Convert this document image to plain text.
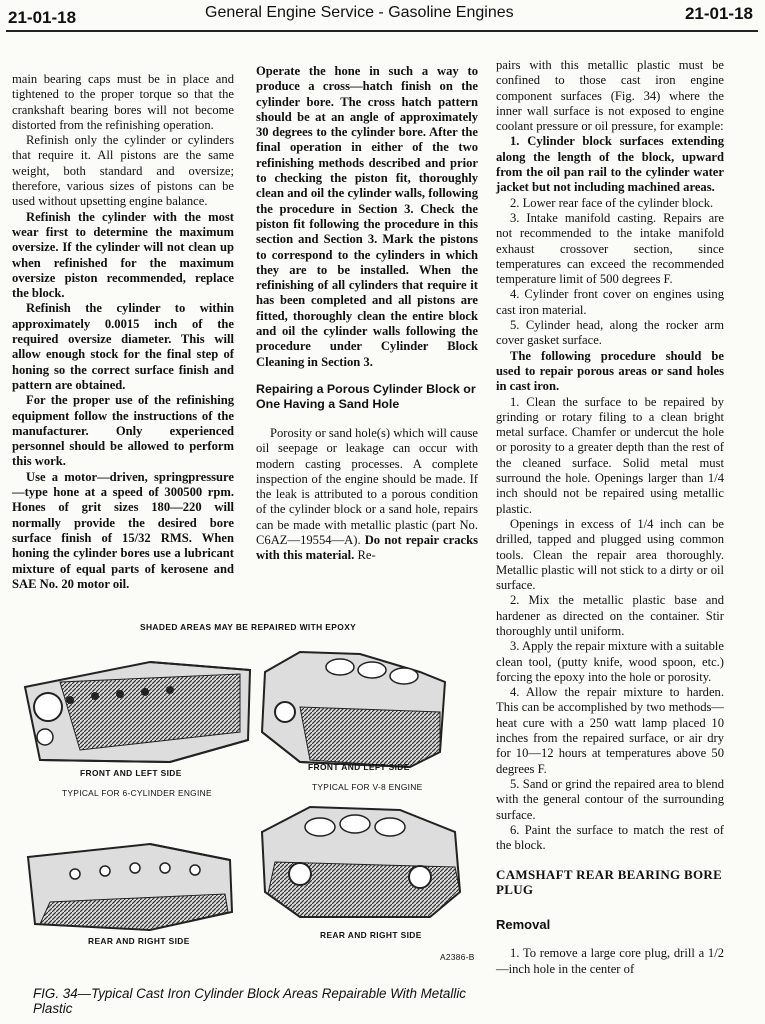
21-01-18	General Engine Service - Gasoline Engines	21-01-18

main bearing caps must be in place and tightened to the proper torque so that the crankshaft bearing bores will not become distorted from the refinishing operation.

Refinish only the cylinder or cylinders that require it. All pistons are the same weight, both standard and oversize; therefore, various sizes of pistons can be used without upsetting engine balance.

Refinish the cylinder with the most wear first to determine the maximum oversize. If the cylinder will not clean up when refinished for the maximum oversize piston recommended, replace the block.

Refinish the cylinder to within approximately 0.0015 inch of the required oversize diameter. This will allow enough stock for the final step of honing so the correct surface finish and pattern are obtained.

For the proper use of the refinishing equipment follow the instructions of the manufacturer. Only experienced personnel should be allowed to perform this work.

Use a motor—driven, springpressure—type hone at a speed of 300500 rpm. Hones of grit sizes 180—220 will normally provide the desired bore surface finish of 15/32 RMS. When honing the cylinder bores use a lubricant mixture of equal parts of kerosene and SAE No. 20 motor oil.

Operate the hone in such a way to produce a cross—hatch finish on the cylinder bore. The cross hatch pattern should be at an angle of approximately 30 degrees to the cylinder bore. After the final operation in either of the two refinishing methods described and prior to checking the piston fit, thoroughly clean and oil the cylinder walls, following the procedure in Section 3. Check the piston fit following the procedure in this section and Section 3. Mark the pistons to correspond to the cylinders in which they are to be installed. When the refinishing of all cylinders that require it has been completed and all pistons are fitted, thoroughly clean the entire block and oil the cylinder walls following the procedure under Cylinder Block Cleaning in Section 3.

Repairing a Porous Cylinder Block or One Having a Sand Hole

Porosity or sand hole(s) which will cause oil seepage or leakage can occur with modern casting processes. A complete inspection of the engine should be made. If the leak is attributed to a porous condition of the cylinder block or a sand hole, repairs can be made with metallic plastic (part No. C6AZ—19554—A). Do not repair cracks with this material. Re-

pairs with this metallic plastic must be confined to those cast iron engine component surfaces (Fig. 34) where the inner wall surface is not exposed to engine coolant pressure or oil pressure, for example:

1. Cylinder block surfaces extending along the length of the block, upward from the oil pan rail to the cylinder water jacket but not including machined areas.

2. Lower rear face of the cylinder block.

3. Intake manifold casting. Repairs are not recommended to the intake manifold exhaust crossover section, since temperatures can exceed the recommended temperature limit of 500 degrees F.

4. Cylinder front cover on engines using cast iron material.

5. Cylinder head, along the rocker arm cover gasket surface.

The following procedure should be used to repair porous areas or sand holes in cast iron.

1. Clean the surface to be repaired by grinding or rotary filing to a clean bright metal surface. Chamfer or undercut the hole or porosity to a greater depth than the rest of the cleaned surface. Solid metal must surround the hole. Openings larger than 1/4 inch should not be repaired using metallic plastic.

Openings in excess of 1/4 inch can be drilled, tapped and plugged using common tools. Clean the repair area thoroughly. Metallic plastic will not stick to a dirty or oil surface.

2. Mix the metallic plastic base and hardener as directed on the container. Stir thoroughly until uniform.

3. Apply the repair mixture with a suitable clean tool, (putty knife, wood spoon, etc.) forcing the epoxy into the hole or porosity.

4. Allow the repair mixture to harden. This can be accomplished by two methods—heat cure with a 250 watt lamp placed 10 inches from the repaired surface, or air dry for 10—12 hours at temperatures above 50 degrees F.

5. Sand or grind the repaired area to blend with the general contour of the surrounding surface.

6. Paint the surface to match the rest of the block.

CAMSHAFT REAR BEARING BORE PLUG
Removal

1. To remove a large core plug, drill a 1/2—inch hole in the center of

SHADED AREAS MAY BE REPAIRED WITH EPOXY
FRONT AND LEFT SIDE
TYPICAL FOR 6-CYLINDER ENGINE
FRONT AND LEFT SIDE
TYPICAL FOR V-8 ENGINE
REAR AND RIGHT SIDE
REAR AND RIGHT SIDE
A2386-B
FIG. 34—Typical Cast Iron Cylinder Block Areas Repairable With Metallic Plastic
